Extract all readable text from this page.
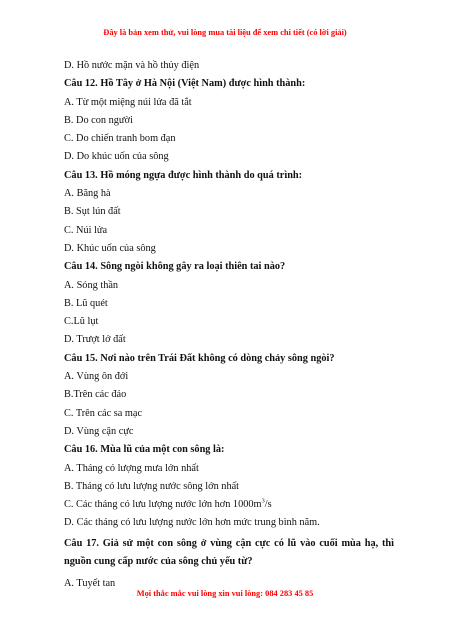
Đây là bản xem thử, vui lòng mua tài liệu để xem chi tiết (có lời giải)
D. Hồ nước mặn và hồ thủy điện
Câu 12. Hồ Tây ở Hà Nội (Việt Nam) được hình thành:
A. Từ một miệng núi lửa đã tắt
B. Do con người
C. Do chiến tranh bom đạn
D. Do khúc uốn của sông
Câu 13. Hồ móng ngựa được hình thành do quá trình:
A. Băng hà
B. Sụt lún đất
C. Núi lửa
D. Khúc uốn của sông
Câu 14. Sông ngòi không gây ra loại thiên tai nào?
A. Sóng thần
B. Lũ quét
C.Lũ lụt
D. Trượt lở đất
Câu 15. Nơi nào trên Trái Đất không có dòng chảy sông ngòi?
A. Vùng ôn đới
B.Trên các đảo
C. Trên các sa mạc
D. Vùng cận cực
Câu 16. Mùa lũ của một con sông là:
A. Tháng có lượng mưa lớn nhất
B. Tháng có lưu lượng nước sông lớn nhất
C. Các tháng có lưu lượng nước lớn hơn $1000m^3/s$
D. Các tháng có lưu lượng nước lớn hơn mức trung bình năm.
Câu 17. Giả sử một con sông ở vùng cận cực có lũ vào cuối mùa hạ, thì nguồn cung cấp nước của sông chủ yếu từ?
A. Tuyết tan
Mọi thắc mắc vui lòng xin vui lòng: 084 283 45 85
